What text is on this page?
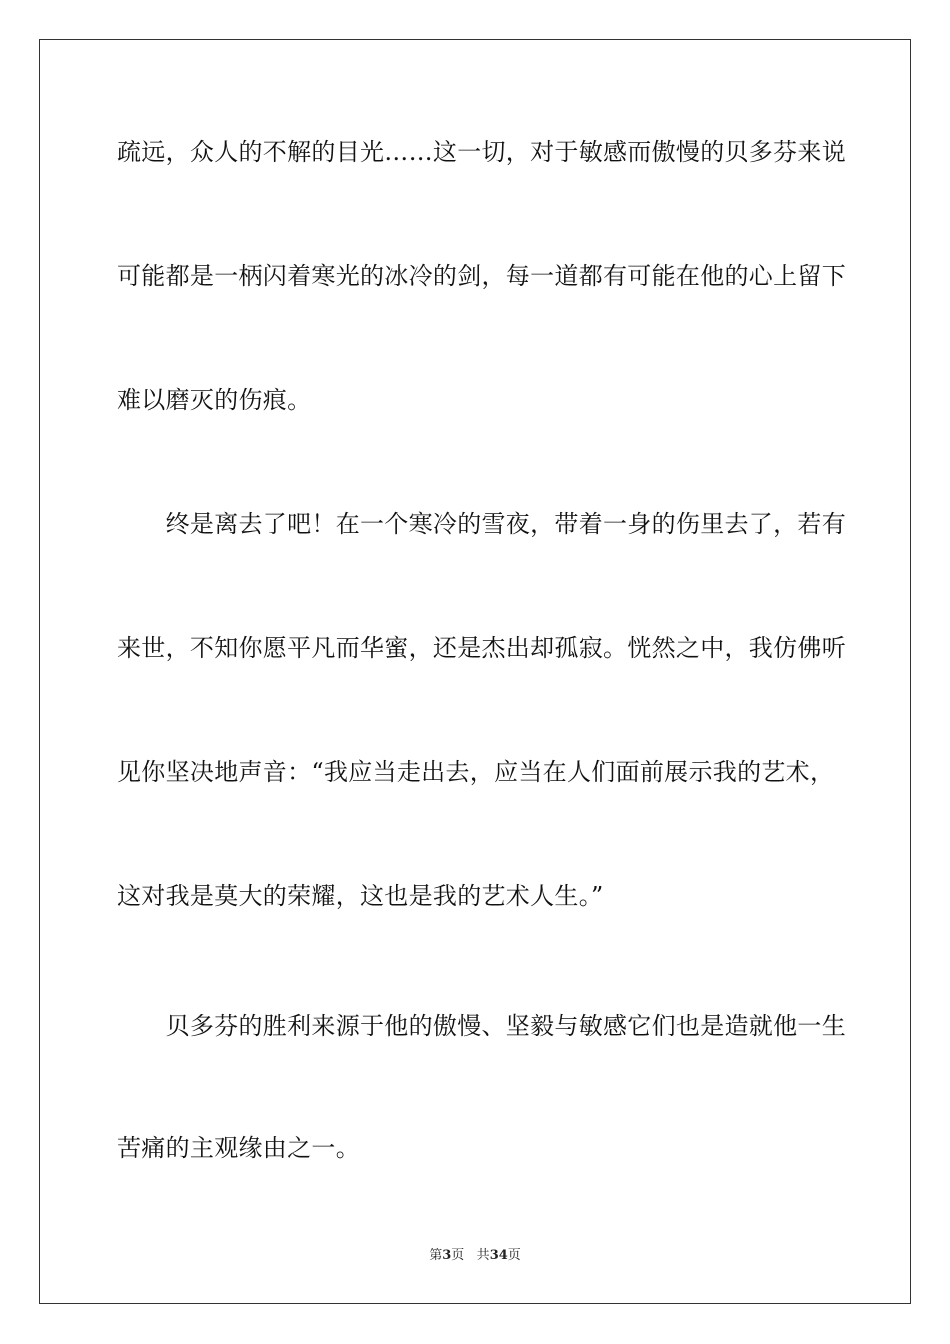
疏远，众人的不解的目光……这一切，对于敏感而傲慢的贝多芬来说
可能都是一柄闪着寒光的冰冷的剑，每一道都有可能在他的心上留下
难以磨灭的伤痕。
　　终是离去了吧！在一个寒冷的雪夜，带着一身的伤里去了，若有
来世，不知你愿平凡而华蜜，还是杰出却孤寂。恍然之中，我仿佛听
见你坚决地声音：“我应当走出去，应当在人们面前展示我的艺术，
这对我是莫大的荣耀，这也是我的艺术人生。”
　　贝多芬的胜利来源于他的傲慢、坚毅与敏感它们也是造就他一生
苦痛的主观缘由之一。
第3页 共34页
